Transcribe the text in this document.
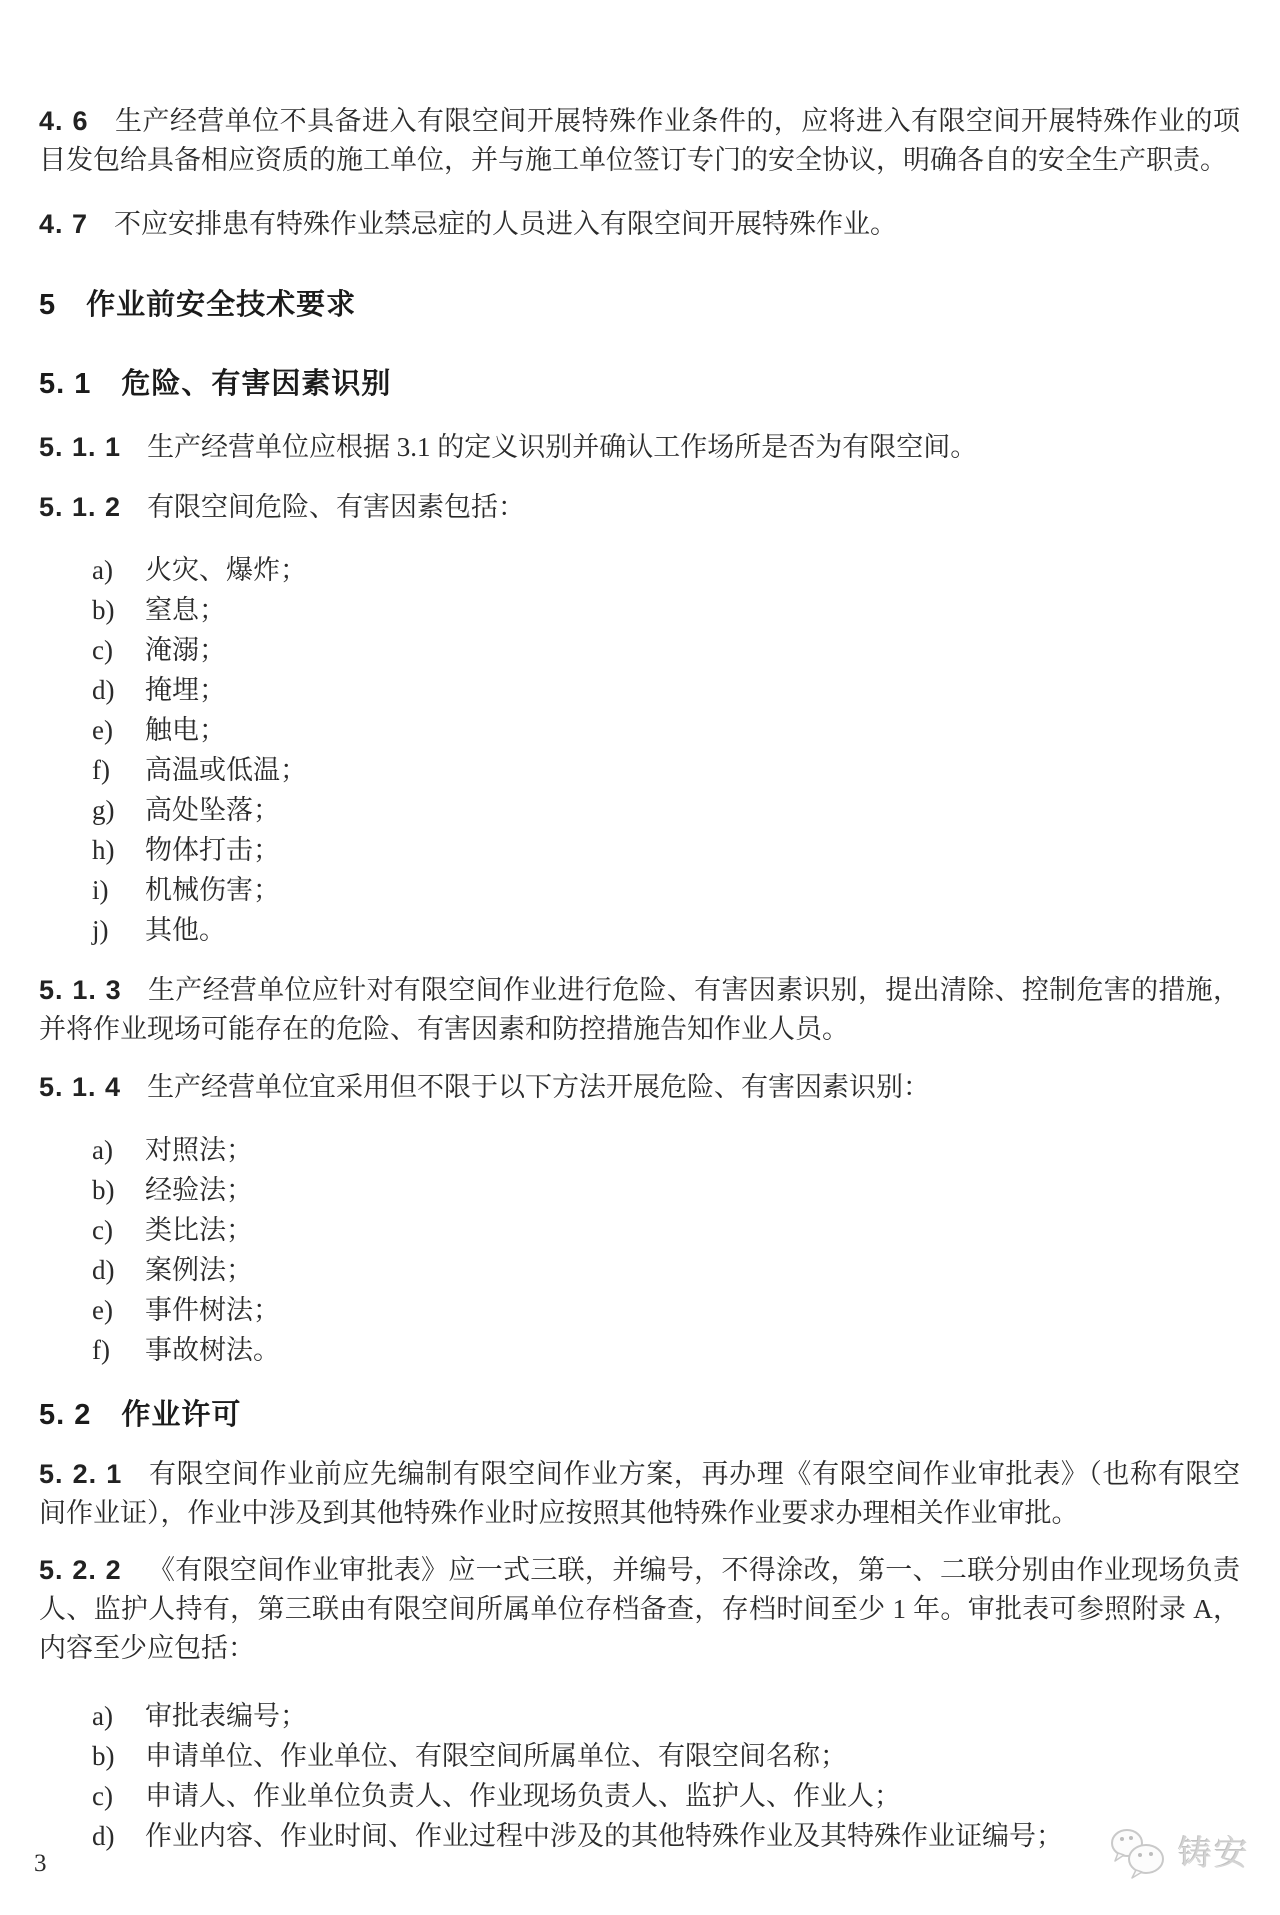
4. 6 生产经营单位不具备进入有限空间开展特殊作业条件的，应将进入有限空间开展特殊作业的项目发包给具备相应资质的施工单位，并与施工单位签订专门的安全协议，明确各自的安全生产职责。

4. 7 不应安排患有特殊作业禁忌症的人员进入有限空间开展特殊作业。

5 作业前安全技术要求
5. 1 危险、有害因素识别

5. 1. 1 生产经营单位应根据 3.1 的定义识别并确认工作场所是否为有限空间。

5. 1. 2 有限空间危险、有害因素包括：

a) 火灾、爆炸；
b) 窒息；
c) 淹溺；
d) 掩埋；
e) 触电；
f) 高温或低温；
g) 高处坠落；
h) 物体打击；
i) 机械伤害；
j) 其他。

5. 1. 3 生产经营单位应针对有限空间作业进行危险、有害因素识别，提出清除、控制危害的措施，并将作业现场可能存在的危险、有害因素和防控措施告知作业人员。

5. 1. 4 生产经营单位宜采用但不限于以下方法开展危险、有害因素识别：

a) 对照法；
b) 经验法；
c) 类比法；
d) 案例法；
e) 事件树法；
f) 事故树法。
5. 2 作业许可

5. 2. 1 有限空间作业前应先编制有限空间作业方案，再办理《有限空间作业审批表》（也称有限空间作业证），作业中涉及到其他特殊作业时应按照其他特殊作业要求办理相关作业审批。

5. 2. 2 《有限空间作业审批表》应一式三联，并编号，不得涂改，第一、二联分别由作业现场负责人、监护人持有，第三联由有限空间所属单位存档备查，存档时间至少 1 年。审批表可参照附录 A，内容至少应包括：

a) 审批表编号；
b) 申请单位、作业单位、有限空间所属单位、有限空间名称；
c) 申请人、作业单位负责人、作业现场负责人、监护人、作业人；
d) 作业内容、作业时间、作业过程中涉及的其他特殊作业及其特殊作业证编号；
3	铸安
